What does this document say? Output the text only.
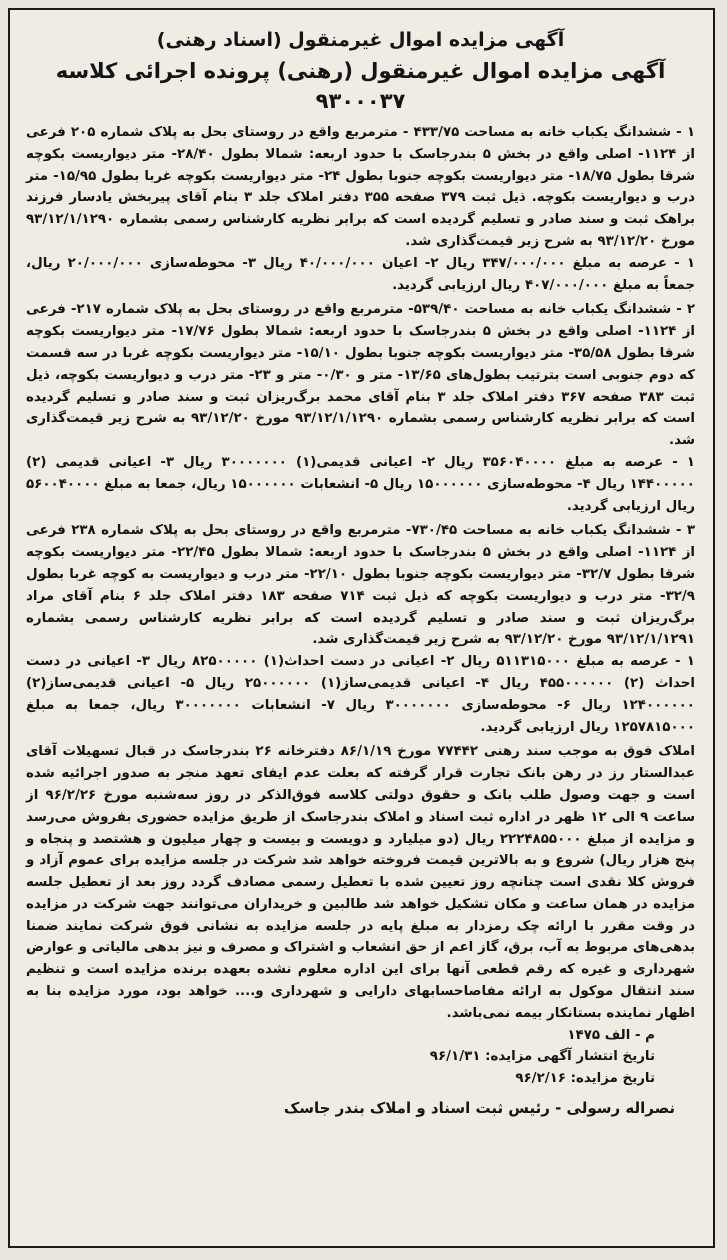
آگهی مزایده اموال غیرمنقول (اسناد رهنی)
آگهی مزایده اموال غیرمنقول (رهنی) پرونده اجرائی کلاسه ۹۳۰۰۰۳۷

۱ - ششدانگ یکباب خانه به مساحت ۴۳۳/۷۵ - مترمربع واقع در روستای بحل به پلاک شماره ۲۰۵ فرعی از ۱۱۲۴- اصلی واقع در بخش ۵ بندرجاسک با حدود اربعه: شمالا بطول ۲۸/۴۰- متر دیواریست بکوچه شرقا بطول ۱۸/۷۵- متر دیواریست بکوچه جنوبا بطول ۲۴- متر دیواریست بکوچه غربا بطول ۱۵/۹۵- متر درب و دیواریست بکوچه. ذیل ثبت ۳۷۹ صفحه ۳۵۵ دفتر املاک جلد ۳ بنام آقای پیربخش یادسار فرزند براهک ثبت و سند صادر و تسلیم گردیده است که برابر نظریه کارشناس رسمی بشماره ۹۳/۱۲/۱/۱۲۹۰ مورخ ۹۳/۱۲/۲۰ به شرح زیر قیمت‌گذاری شد.

۱ - عرصه به مبلغ ۳۴۷/۰۰۰/۰۰۰ ریال ۲- اعیان ۴۰/۰۰۰/۰۰۰ ریال ۳- محوطه‌سازی ۲۰/۰۰۰/۰۰۰ ریال، جمعاً به مبلغ ۴۰۷/۰۰۰/۰۰۰ ریال ارزیابی گردید.

۲ - ششدانگ یکباب خانه به مساحت ۵۳۹/۴۰- مترمربع واقع در روستای بحل به پلاک شماره ۲۱۷- فرعی از ۱۱۲۴- اصلی واقع در بخش ۵ بندرجاسک با حدود اربعه: شمالا بطول ۱۷/۷۶- متر دیواریست بکوچه شرقا بطول ۳۵/۵۸- متر دیواریست بکوچه جنوبا بطول ۱۵/۱۰- متر دیواریست بکوچه غربا در سه قسمت که دوم جنوبی است بترتیب بطول‌های ۱۳/۶۵- متر و ۰/۳۰- متر و ۲۳- متر درب و دیواریست بکوچه، ذیل ثبت ۳۸۳ صفحه ۳۶۷ دفتر املاک جلد ۳ بنام آقای محمد برگ‌ریزان ثبت و سند صادر و تسلیم گردیده است که برابر نظریه کارشناس رسمی بشماره ۹۳/۱۲/۱/۱۲۹۰ مورخ ۹۳/۱۲/۲۰ به شرح زیر قیمت‌گذاری شد.

۱ - عرصه به مبلغ ۳۵۶۰۴۰۰۰۰ ریال ۲- اعیانی قدیمی(۱) ۳۰۰۰۰۰۰۰ ریال ۳- اعیانی قدیمی (۲) ۱۴۴۰۰۰۰۰ ریال ۴- محوطه‌سازی ۱۵۰۰۰۰۰۰ ریال ۵- انشعابات ۱۵۰۰۰۰۰۰ ریال، جمعا به مبلغ ۵۶۰۰۴۰۰۰۰ ریال ارزیابی گردید.

۳ - ششدانگ یکباب خانه به مساحت ۷۳۰/۴۵- مترمربع واقع در روستای بحل به پلاک شماره ۲۳۸ فرعی از ۱۱۲۴- اصلی واقع در بخش ۵ بندرجاسک با حدود اربعه: شمالا بطول ۲۲/۴۵- متر دیواریست بکوچه شرقا بطول ۳۲/۷- متر دیواریست بکوچه جنوبا بطول ۲۲/۱۰- متر درب و دیواریست به کوچه غربا بطول ۳۲/۹- متر درب و دیواریست بکوچه که ذیل ثبت ۷۱۴ صفحه ۱۸۳ دفتر املاک جلد ۶ بنام آقای مراد برگ‌ریزان ثبت و سند صادر و تسلیم گردیده است که برابر نظریه کارشناس رسمی بشماره ۹۳/۱۲/۱/۱۲۹۱ مورخ ۹۳/۱۲/۲۰ به شرح زیر قیمت‌گذاری شد.

۱ - عرصه به مبلغ ۵۱۱۳۱۵۰۰۰ ریال ۲- اعیانی در دست احداث(۱) ۸۲۵۰۰۰۰۰ ریال ۳- اعیانی در دست احداث (۲) ۴۵۵۰۰۰۰۰۰ ریال ۴- اعیانی قدیمی‌ساز(۱) ۲۵۰۰۰۰۰۰ ریال ۵- اعیانی قدیمی‌ساز(۲) ۱۲۴۰۰۰۰۰۰ ریال ۶- محوطه‌سازی ۳۰۰۰۰۰۰۰ ریال ۷- انشعابات ۳۰۰۰۰۰۰۰ ریال، جمعا به مبلغ ۱۲۵۷۸۱۵۰۰۰ ریال ارزیابی گردید.

املاک فوق به موجب سند رهنی ۷۷۴۴۲ مورخ ۸۶/۱/۱۹ دفترخانه ۲۶ بندرجاسک در قبال تسهیلات آقای عبدالستار رز در رهن بانک تجارت قرار گرفته که بعلت عدم ایفای تعهد منجر به صدور اجرائیه شده است و جهت وصول طلب بانک و حقوق دولتی کلاسه فوق‌الذکر در روز سه‌شنبه مورخ ۹۶/۲/۲۶ از ساعت ۹ الی ۱۲ ظهر در اداره ثبت اسناد و املاک بندرجاسک از طریق مزایده حضوری بفروش می‌رسد و مزایده از مبلغ ۲۲۲۴۸۵۵۰۰۰ ریال (دو میلیارد و دویست و بیست و چهار میلیون و هشتصد و پنجاه و پنج هزار ریال) شروع و به بالاترین قیمت فروخته خواهد شد شرکت در جلسه مزایده برای عموم آزاد و فروش کلا نقدی است چنانچه روز تعیین شده با تعطیل رسمی مصادف گردد روز بعد از تعطیل جلسه مزایده در همان ساعت و مکان تشکیل خواهد شد طالبین و خریداران می‌توانند جهت شرکت در مزایده در وقت مقرر با ارائه چک رمزدار به مبلغ پایه در جلسه مزایده به نشانی فوق شرکت نمایند ضمنا بدهی‌های مربوط به آب، برق، گاز اعم از حق انشعاب و اشتراک و مصرف و نیز بدهی مالیاتی و عوارض شهرداری و غیره که رقم قطعی آنها برای این اداره معلوم نشده بعهده برنده مزایده است و تنظیم سند انتقال موکول به ارائه مفاصاحسابهای دارایی و شهرداری و.... خواهد بود، مورد مزایده بنا به اظهار نماینده بستانکار بیمه نمی‌باشد.

م - الف ۱۴۷۵

تاریخ انتشار آگهی مزایده: ۹۶/۱/۳۱

تاریخ مزایده: ۹۶/۲/۱۶

نصراله رسولی - رئیس ثبت اسناد و املاک بندر جاسک
